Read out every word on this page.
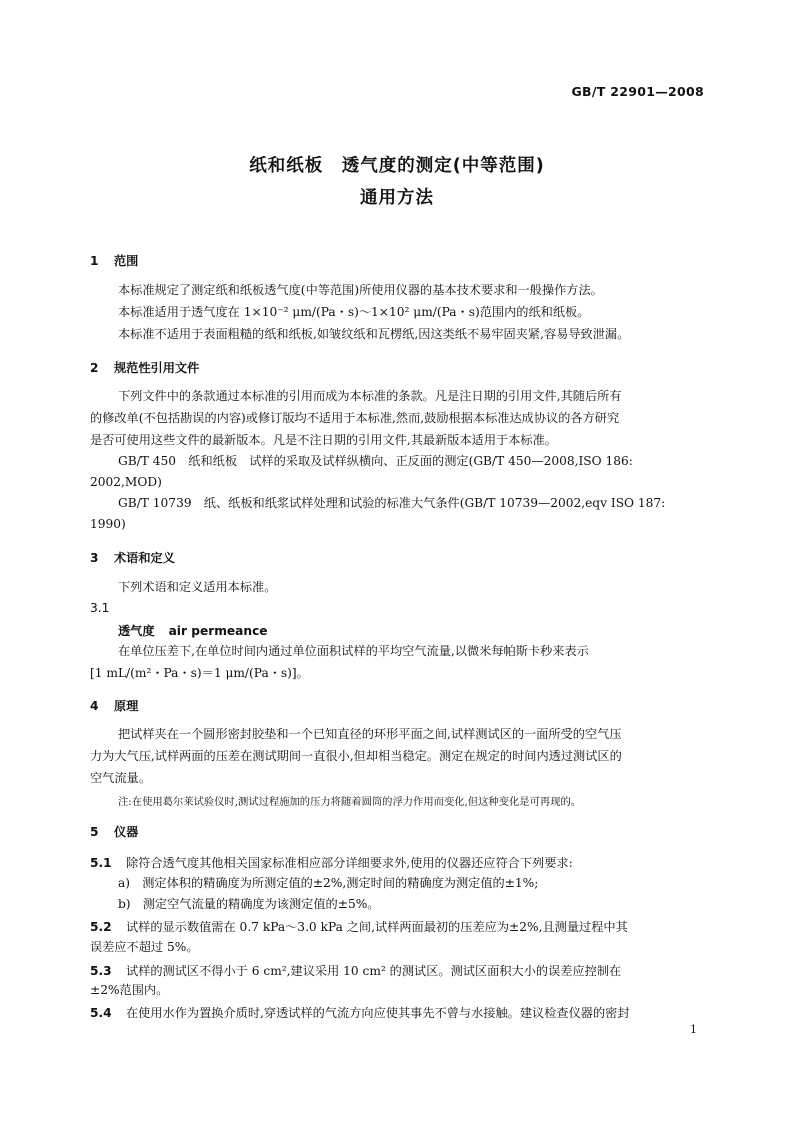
GB/T 22901—2008
纸和纸板　透气度的测定(中等范围)
通用方法
1 范围
本标准规定了测定纸和纸板透气度(中等范围)所使用仪器的基本技术要求和一般操作方法。
本标准适用于透气度在 1×10⁻² μm/(Pa・s)～1×10² μm/(Pa・s)范围内的纸和纸板。
本标准不适用于表面粗糙的纸和纸板,如皱纹纸和瓦楞纸,因这类纸不易牢固夹紧,容易导致泄漏。
2 规范性引用文件
下列文件中的条款通过本标准的引用而成为本标准的条款。凡是注日期的引用文件,其随后所有
的修改单(不包括勘误的内容)或修订版均不适用于本标准,然而,鼓励根据本标准达成协议的各方研究
是否可使用这些文件的最新版本。凡是不注日期的引用文件,其最新版本适用于本标准。
GB/T 450　纸和纸板　试样的采取及试样纵横向、正反面的测定(GB/T 450—2008,ISO 186:
2002,MOD)
GB/T 10739　纸、纸板和纸浆试样处理和试验的标准大气条件(GB/T 10739—2002,eqv ISO 187:
1990)
3 术语和定义
下列术语和定义适用本标准。
3.1
透气度 air permeance
在单位压差下,在单位时间内通过单位面积试样的平均空气流量,以微米每帕斯卡秒来表示
[1 mL/(m²・Pa・s)＝1 μm/(Pa・s)]。
4 原理
把试样夹在一个圆形密封胶垫和一个已知直径的环形平面之间,试样测试区的一面所受的空气压
力为大气压,试样两面的压差在测试期间一直很小,但却相当稳定。测定在规定的时间内透过测试区的
空气流量。
注:在使用葛尔莱试验仪时,测试过程施加的压力将随着圆筒的浮力作用而变化,但这种变化是可再现的。
5 仪器
5.1 除符合透气度其他相关国家标准相应部分详细要求外,使用的仪器还应符合下列要求:
a)　测定体积的精确度为所测定值的±2%,测定时间的精确度为测定值的±1%;
b)　测定空气流量的精确度为该测定值的±5%。
5.2 试样的显示数值需在 0.7 kPa～3.0 kPa 之间,试样两面最初的压差应为±2%,且测量过程中其
误差应不超过 5%。
5.3 试样的测试区不得小于 6 cm²,建议采用 10 cm² 的测试区。测试区面积大小的误差应控制在
±2%范围内。
5.4 在使用水作为置换介质时,穿透试样的气流方向应使其事先不曾与水接触。建议检查仪器的密封
1
